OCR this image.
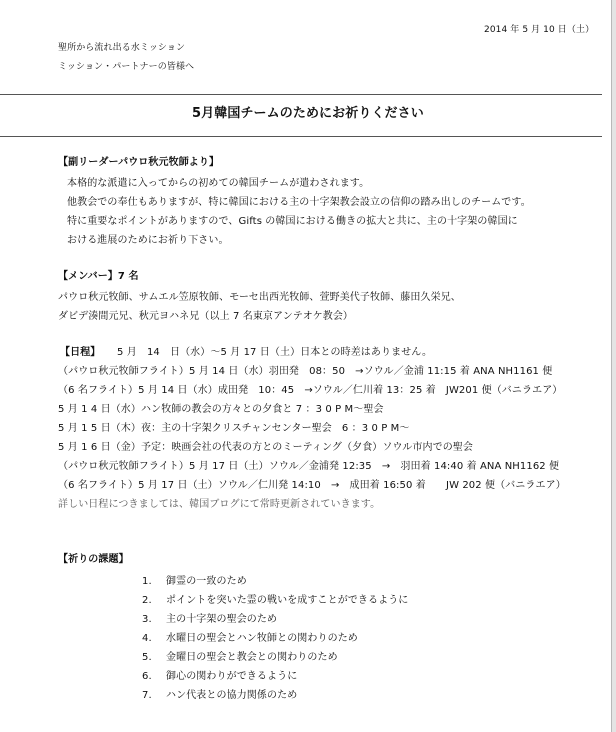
2014 年 5 月 10 日（土）
聖所から流れ出る水ミッション
ミッション・パートナーの皆様へ
5月韓国チームのためにお祈りください
【副リーダーパウロ秋元牧師より】
本格的な派遣に入ってからの初めての韓国チームが遣わされます。
他教会での奉仕もありますが、特に韓国における主の十字架教会設立の信仰の踏み出しのチームです。
特に重要なポイントがありますので、Gifts の韓国における働きの拡大と共に、主の十字架の韓国に
おける進展のためにお祈り下さい。
【メンバー】7 名
パウロ秋元牧師、サムエル笠原牧師、モーセ出西光牧師、萱野美代子牧師、藤田久栄兄、
ダビデ湊間元兄、秋元ヨハネ兄（以上 7 名東京アンテオケ教会）
【日程】 5 月　14　日（水）～5 月 17 日（土）日本との時差はありません。
（パウロ秋元牧師フライト）5 月 14 日（水）羽田発　08：50　→ソウル／金浦 11:15 着 ANA NH1161 便
（6 名フライト）5 月 14 日（水）成田発　10：45　→ソウル／仁川着 13：25 着　JW201 便（バニラエア）
5 月 1 4 日（水）ハン牧師の教会の方々との夕食と 7 ：3 0 P M～聖会
5 月 1 5 日（木）夜：主の十字架クリスチャンセンター聖会　6 ：3 0 P M～
5 月 1 6 日（金）予定：映画会社の代表の方とのミーティング（夕食）ソウル市内での聖会
（パウロ秋元牧師フライト）5 月 17 日（土）ソウル／金浦発 12:35　→　羽田着 14:40 着 ANA NH1162 便
（6 名フライト）5 月 17 日（土）ソウル／仁川発 14:10　→　成田着 16:50 着　　JW 202 便（バニラエア）
詳しい日程につきましては、韓国ブログにて常時更新されていきます。
【祈りの課題】
1. 御霊の一致のため
2. ポイントを突いた霊の戦いを成すことができるように
3. 主の十字架の聖会のため
4. 水曜日の聖会とハン牧師との関わりのため
5. 金曜日の聖会と教会との関わりのため
6. 御心の関わりができるように
7. ハン代表との協力関係のため
